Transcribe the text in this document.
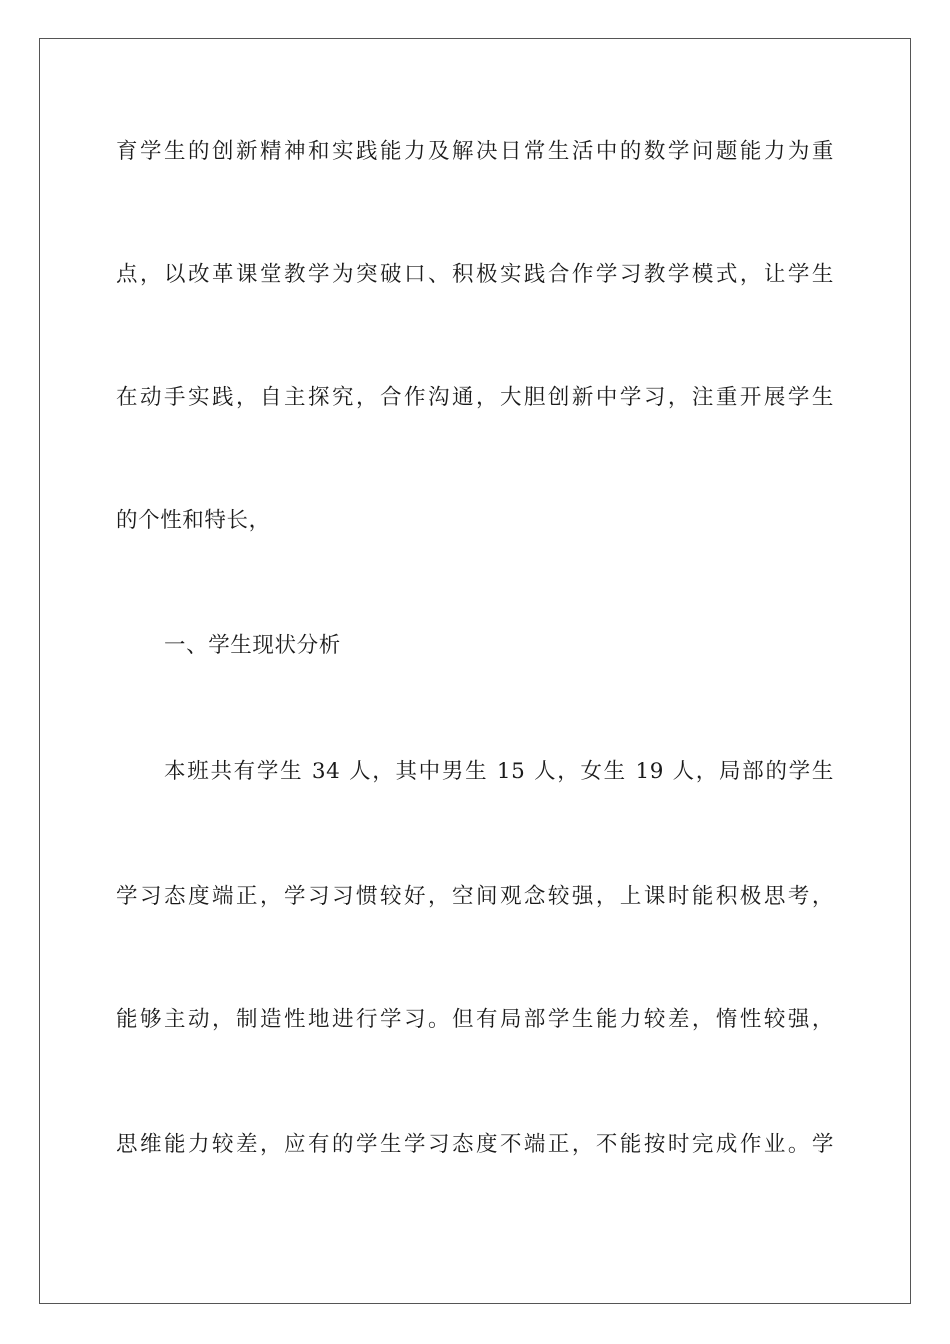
育学生的创新精神和实践能力及解决日常生活中的数学问题能力为重
点，以改革课堂教学为突破口、积极实践合作学习教学模式，让学生
在动手实践，自主探究，合作沟通，大胆创新中学习，注重开展学生
的个性和特长，
一、学生现状分析
本班共有学生 34 人，其中男生 15 人，女生 19 人，局部的学生
学习态度端正，学习习惯较好，空间观念较强，上课时能积极思考，
能够主动，制造性地进行学习。但有局部学生能力较差，惰性较强，
思维能力较差，应有的学生学习态度不端正，不能按时完成作业。学
